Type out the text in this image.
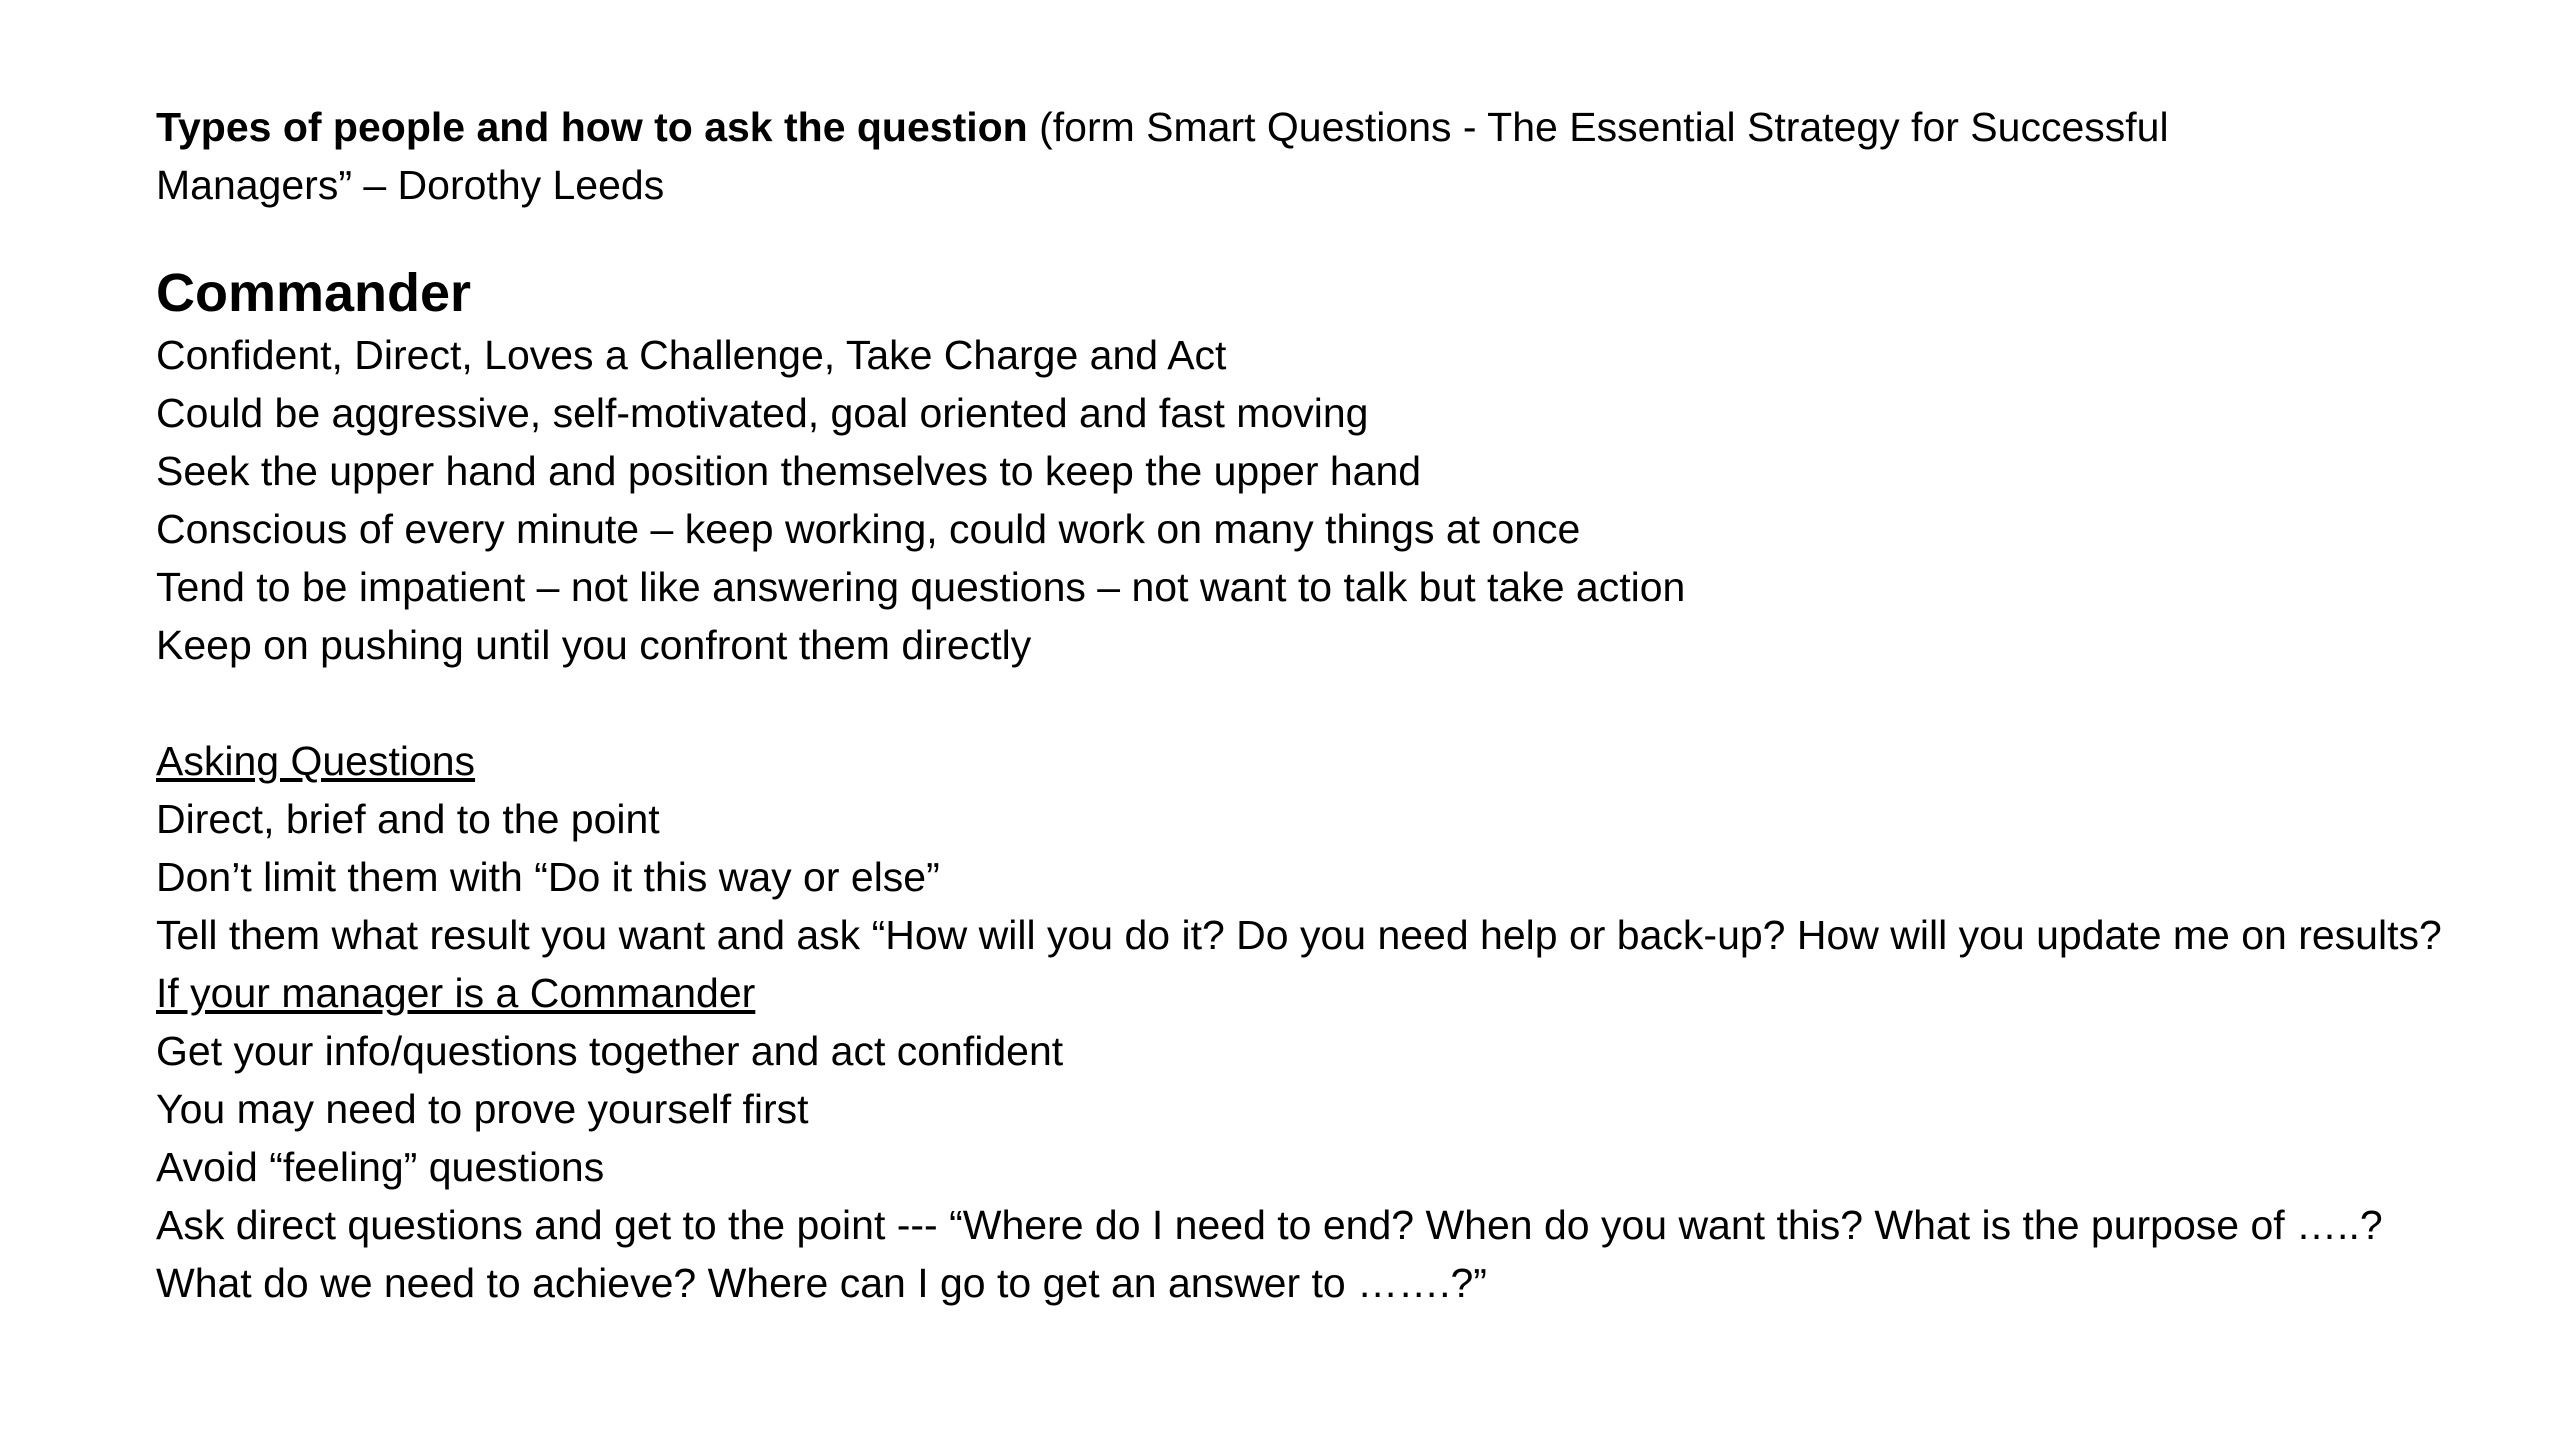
Types of people and how to ask the question (form Smart Questions - The Essential Strategy for Successful Managers” – Dorothy Leeds

Commander

Confident, Direct, Loves a Challenge, Take Charge and Act

Could be aggressive, self-motivated, goal oriented and fast moving

Seek the upper hand and position themselves to keep the upper hand

Conscious of every minute – keep working, could work on many things at once

Tend to be impatient – not like answering questions – not want to talk but take action

Keep on pushing until you confront them directly

Asking Questions

Direct, brief and to the point

Don’t limit them with “Do it this way or else”

Tell them what result you want and ask “How will you do it? Do you need help or back-up? How will you update me on results?

If your manager is a Commander

Get your info/questions together and act confident

You may need to prove yourself first

Avoid “feeling” questions

Ask direct questions and get to the point --- “Where do I need to end? When do you want this? What is the purpose of …..? What do we need to achieve? Where can I go to get an answer to …….?”
